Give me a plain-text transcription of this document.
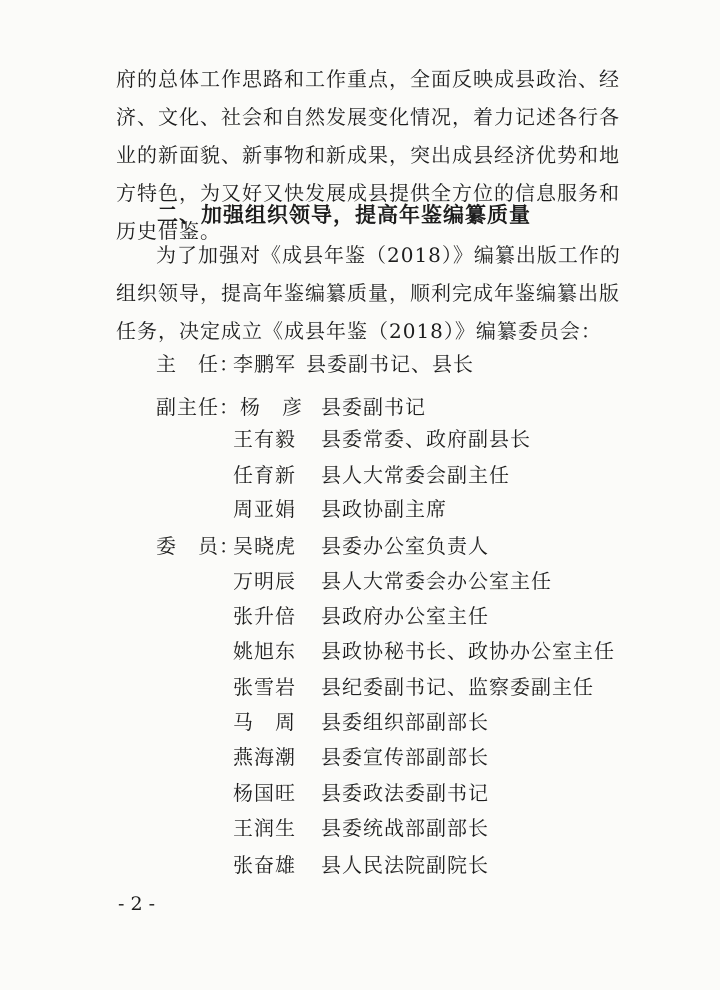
府的总体工作思路和工作重点，全面反映成县政治、经济、文化、社会和自然发展变化情况，着力记述各行各业的新面貌、新事物和新成果，突出成县经济优势和地方特色，为又好又快发展成县提供全方位的信息服务和历史借鉴。

二、加强组织领导，提高年鉴编纂质量

为了加强对《成县年鉴（2018）》编纂出版工作的组织领导，提高年鉴编纂质量，顺利完成年鉴编纂出版任务，决定成立《成县年鉴（2018）》编纂委员会：

主　任：
李鹏军 县委副书记、县长
副主任： 杨　彦 县委副书记
王有毅 县委常委、政府副县长
任育新 县人大常委会副主任
周亚娟 县政协副主席
委　员：
吴晓虎 县委办公室负责人
万明辰 县人大常委会办公室主任
张升倍 县政府办公室主任
姚旭东 县政协秘书长、政协办公室主任
张雪岩 县纪委副书记、监察委副主任
马　周 县委组织部副部长
燕海潮 县委宣传部副部长
杨国旺 县委政法委副书记
王润生 县委统战部副部长
张奋雄 县人民法院副院长
- 2 -
